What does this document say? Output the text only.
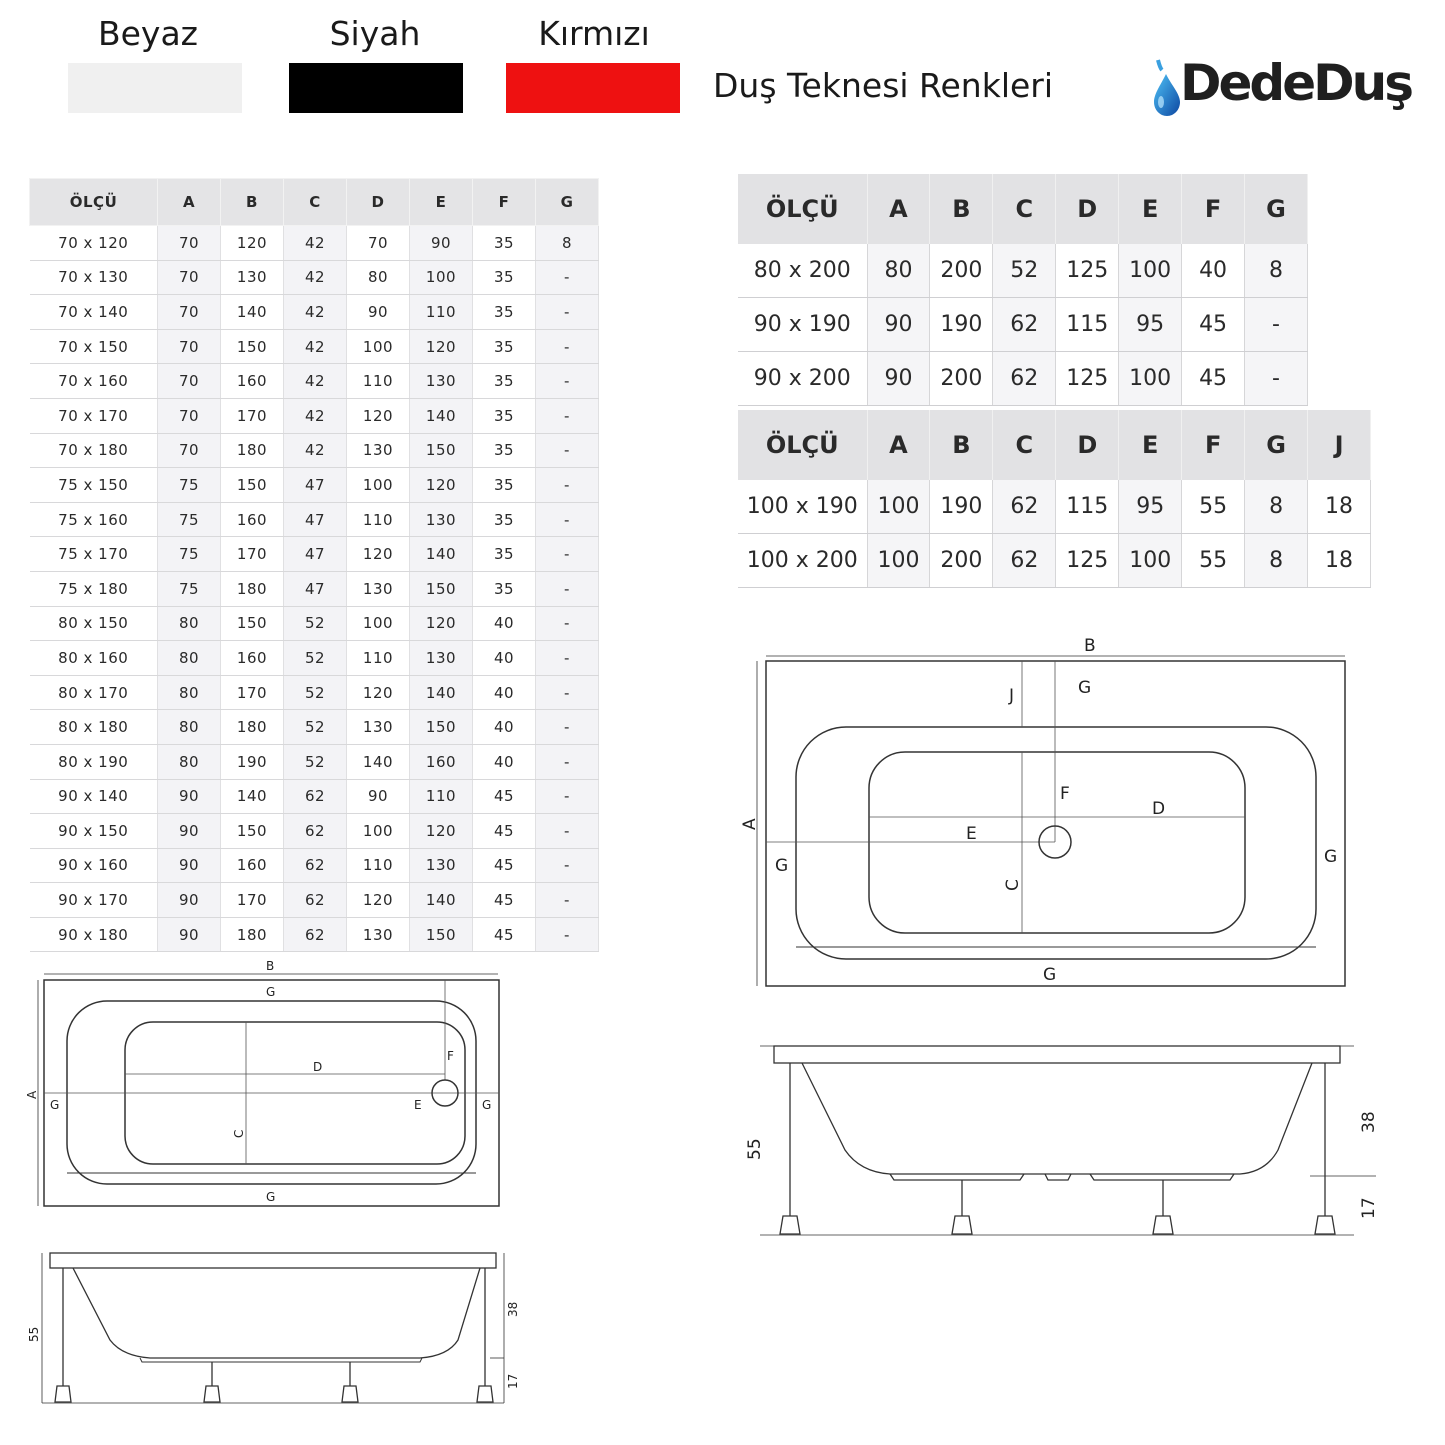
Beyaz	Siyah	Kırmızı
Duş Teknesi Renkleri	DedeDuş
ÖLÇÜ	A	B	C	D	E	F	G
70 x 120	70	120	42	70	90	35	8
70 x 130	70	130	42	80	100	35	-
70 x 140	70	140	42	90	110	35	-
70 x 150	70	150	42	100	120	35	-
70 x 160	70	160	42	110	130	35	-
70 x 170	70	170	42	120	140	35	-
70 x 180	70	180	42	130	150	35	-
75 x 150	75	150	47	100	120	35	-
75 x 160	75	160	47	110	130	35	-
75 x 170	75	170	47	120	140	35	-
75 x 180	75	180	47	130	150	35	-
80 x 150	80	150	52	100	120	40	-
80 x 160	80	160	52	110	130	40	-
80 x 170	80	170	52	120	140	40	-
80 x 180	80	180	52	130	150	40	-
80 x 190	80	190	52	140	160	40	-
90 x 140	90	140	62	90	110	45	-
90 x 150	90	150	62	100	120	45	-
90 x 160	90	160	62	110	130	45	-
90 x 170	90	170	62	120	140	45	-
90 x 180	90	180	62	130	150	45	-
ÖLÇÜ	A	B	C	D	E	F	G
80 x 200	80	200	52	125	100	40	8
90 x 190	90	190	62	115	95	45	-
90 x 200	90	200	62	125	100	45	-
ÖLÇÜ	A	B	C	D	E	F	G	J
100 x 190	100	190	62	115	95	55	8	18
100 x 200	100	200	62	125	100	55	8	18
B
G
G
G	G
A
C
D
E
F
55
38
17
B
J	G
G
G	G
A
C
D
E
F
55
38
17
